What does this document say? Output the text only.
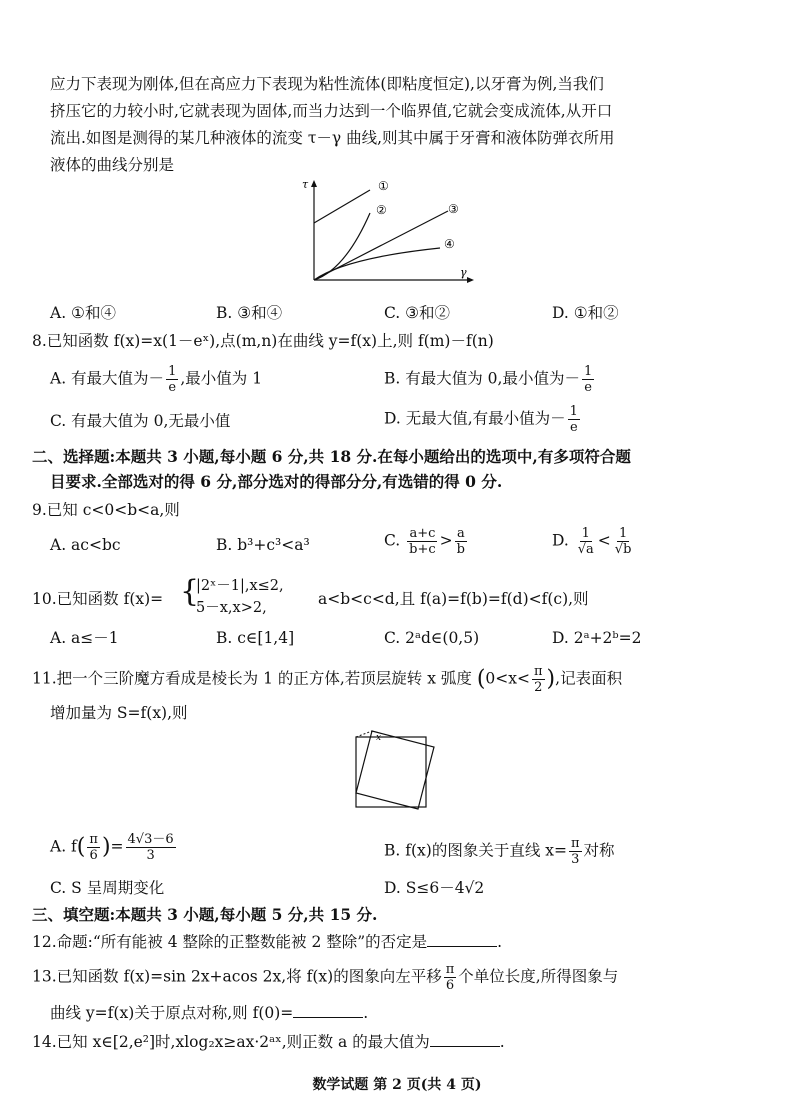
应力下表现为刚体,但在高应力下表现为粘性流体(即粘度恒定),以牙膏为例,当我们
挤压它的力较小时,它就表现为固体,而当力达到一个临界值,它就会变成流体,从开口
流出.如图是测得的某几种液体的流变 τ－γ 曲线,则其中属于牙膏和液体防弹衣所用
液体的曲线分别是
τ
γ
①
②	③
④
A. ①和④	B. ③和④	C. ③和②	D. ①和②
8.已知函数 f(x)=x(1－eˣ),点(m,n)在曲线 y=f(x)上,则 f(m)－f(n)
A. 有最大值为－ $\frac{1}{e}$ ,最小值为 1	B. 有最大值为 0,最小值为－ $\frac{1}{e}$
C. 有最大值为 0,无最小值	D. 无最大值,有最小值为－ $\frac{1}{e}$
二、选择题:本题共 3 小题,每小题 6 分,共 18 分.在每小题给出的选项中,有多项符合题
目要求.全部选对的得 6 分,部分选对的得部分分,有选错的得 0 分.
9.已知 c<0<b<a,则
A. ac<bc	B. b³+c³<a³	C. $\frac{a+c}{b+c} > \frac{a}{b}$	D. $\frac{1}{√a} < \frac{1}{√b}$
10.已知函数 f(x)= {
|2ˣ－1|,x≤2,
5－x,x>2,	a<b<c<d,且 f(a)=f(b)=f(d)<f(c),则
A. a≤－1	B. c∈[1,4]	C. 2ᵃd∈(0,5)	D. 2ᵃ+2ᵇ=2
11.把一个三阶魔方看成是棱长为 1 的正方体,若顶层旋转 x 弧度 ($0<x< \frac{\pi}{2}$ ),记表面积
增加量为 S=f(x),则
x
A. $f( \frac{\pi}{6}$ )= $\frac{4√3-6}{3}$	B. f(x)的图象关于直线 $x= \frac{\pi}{3}$ 对称
C. S 呈周期变化	D. S≤6－4√2
三、填空题:本题共 3 小题,每小题 5 分,共 15 分.
12.命题:“所有能被 4 整除的正整数能被 2 整除”的否定是	.
13.已知函数 f(x)=sin 2x+acos 2x,将 f(x)的图象向左平移 $\frac{\pi}{6}$ 个单位长度,所得图象与
曲线 y=f(x)关于原点对称,则 f(0)=	.
14.已知 x∈[2,e²]时,xlog₂x≥ax·2ᵃˣ,则正数 a 的最大值为	.
数学试题 第 2 页(共 4 页)
